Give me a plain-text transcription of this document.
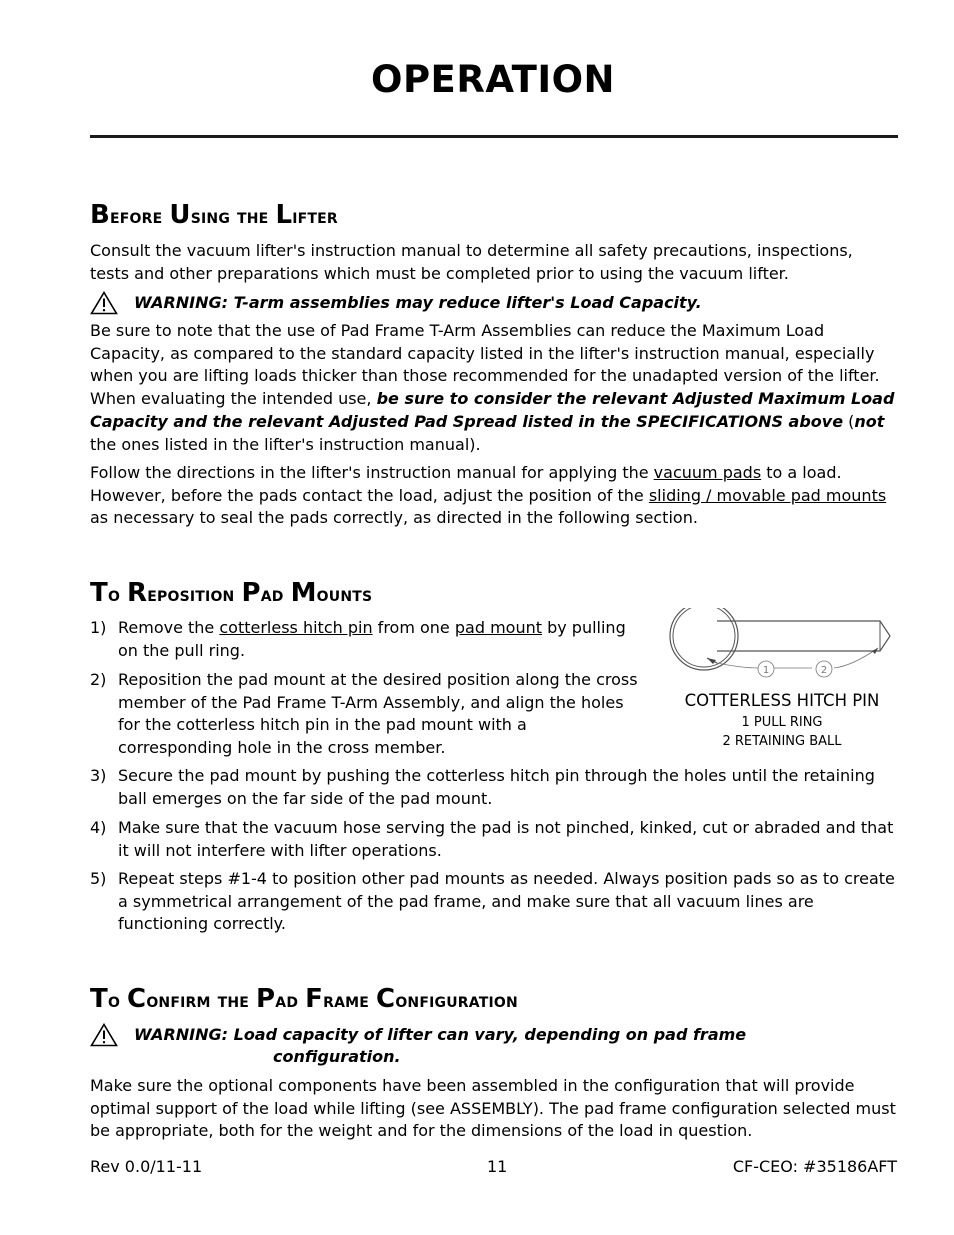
OPERATION
Before Using the Lifter

Consult the vacuum lifter's instruction manual to determine all safety precautions, inspections, tests and other preparations which must be completed prior to using the vacuum lifter.

WARNING: T-arm assemblies may reduce lifter's Load Capacity.

Be sure to note that the use of Pad Frame T-Arm Assemblies can reduce the Maximum Load Capacity, as compared to the standard capacity listed in the lifter's instruction manual, especially when you are lifting loads thicker than those recommended for the unadapted version of the lifter. When evaluating the intended use, be sure to consider the relevant Adjusted Maximum Load Capacity and the relevant Adjusted Pad Spread listed in the SPECIFICATIONS above (not the ones listed in the lifter's instruction manual).

Follow the directions in the lifter's instruction manual for applying the vacuum pads to a load. However, before the pads contact the load, adjust the position of the sliding / movable pad mounts as necessary to seal the pads correctly, as directed in the following section.

To Reposition Pad Mounts
1) Remove the cotterless hitch pin from one pad mount by pulling on the pull ring.
2) Reposition the pad mount at the desired position along the cross member of the Pad Frame T-Arm Assembly, and align the holes for the cotterless hitch pin in the pad mount with a corresponding hole in the cross member.
3) Secure the pad mount by pushing the cotterless hitch pin through the holes until the retaining ball emerges on the far side of the pad mount.
4) Make sure that the vacuum hose serving the pad is not pinched, kinked, cut or abraded and that it will not interfere with lifter operations.
5) Repeat steps #1-4 to position other pad mounts as needed. Always position pads so as to create a symmetrical arrangement of the pad frame, and make sure that all vacuum lines are functioning correctly.
1	2
COTTERLESS HITCH PIN
1 PULL RING
2 RETAINING BALL
To Confirm the Pad Frame Configuration
WARNING: Load capacity of lifter can vary, depending on pad frame
configuration.

Make sure the optional components have been assembled in the configuration that will provide optimal support of the load while lifting (see ASSEMBLY). The pad frame configuration selected must be appropriate, both for the weight and for the dimensions of the load in question.

Rev 0.0/11-11	11	CF-CEO: #35186AFT
